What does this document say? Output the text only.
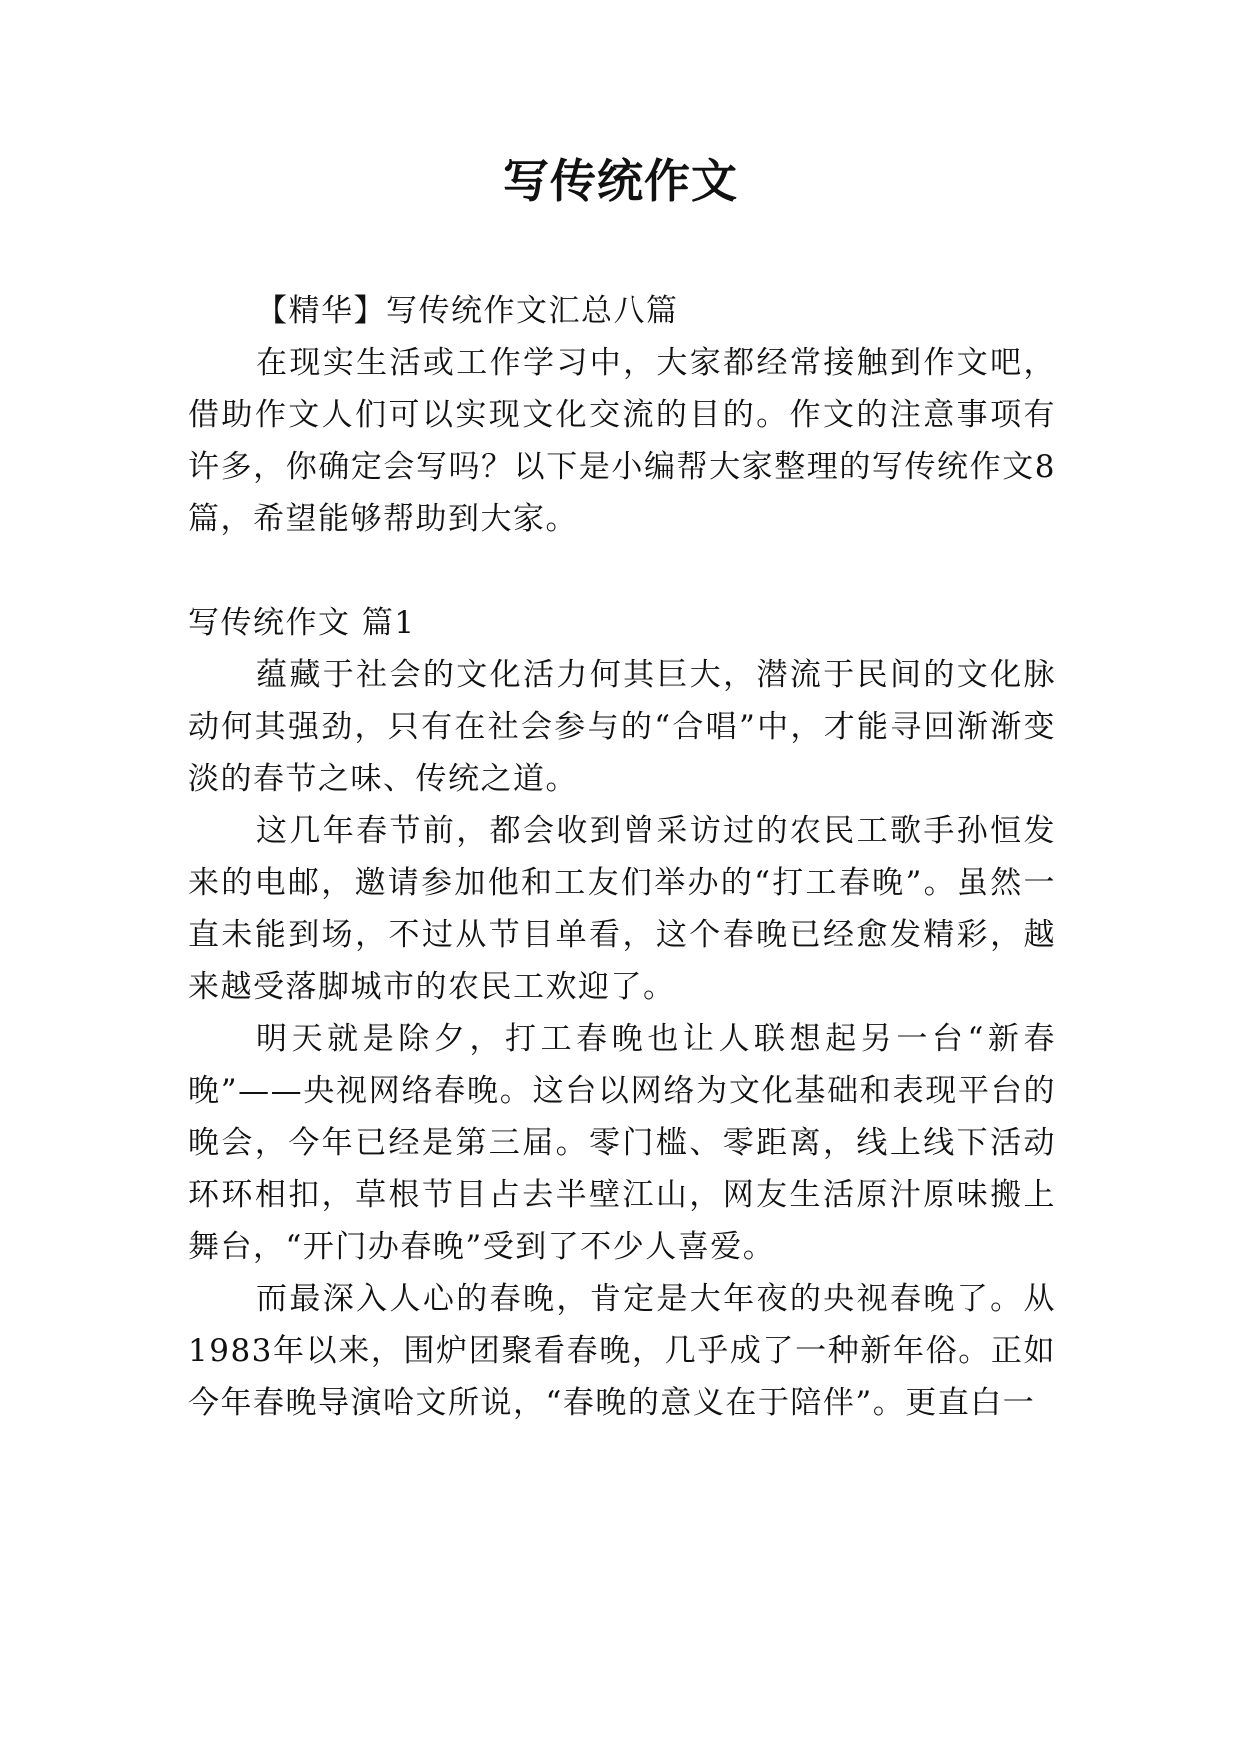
写传统作文

【精华】写传统作文汇总八篇

在现实生活或工作学习中，大家都经常接触到作文吧，借助作文人们可以实现文化交流的目的。作文的注意事项有许多，你确定会写吗？以下是小编帮大家整理的写传统作文8篇，希望能够帮助到大家。

写传统作文 篇1

蕴藏于社会的文化活力何其巨大，潜流于民间的文化脉动何其强劲，只有在社会参与的“合唱”中，才能寻回渐渐变淡的春节之味、传统之道。

这几年春节前，都会收到曾采访过的农民工歌手孙恒发来的电邮，邀请参加他和工友们举办的“打工春晚”。虽然一直未能到场，不过从节目单看，这个春晚已经愈发精彩，越来越受落脚城市的农民工欢迎了。

明天就是除夕，打工春晚也让人联想起另一台“新春晚”——央视网络春晚。这台以网络为文化基础和表现平台的晚会，今年已经是第三届。零门槛、零距离，线上线下活动环环相扣，草根节目占去半壁江山，网友生活原汁原味搬上舞台，“开门办春晚”受到了不少人喜爱。

而最深入人心的春晚，肯定是大年夜的央视春晚了。从1983年以来，围炉团聚看春晚，几乎成了一种新年俗。正如今年春晚导演哈文所说，“春晚的意义在于陪伴”。更直白一
